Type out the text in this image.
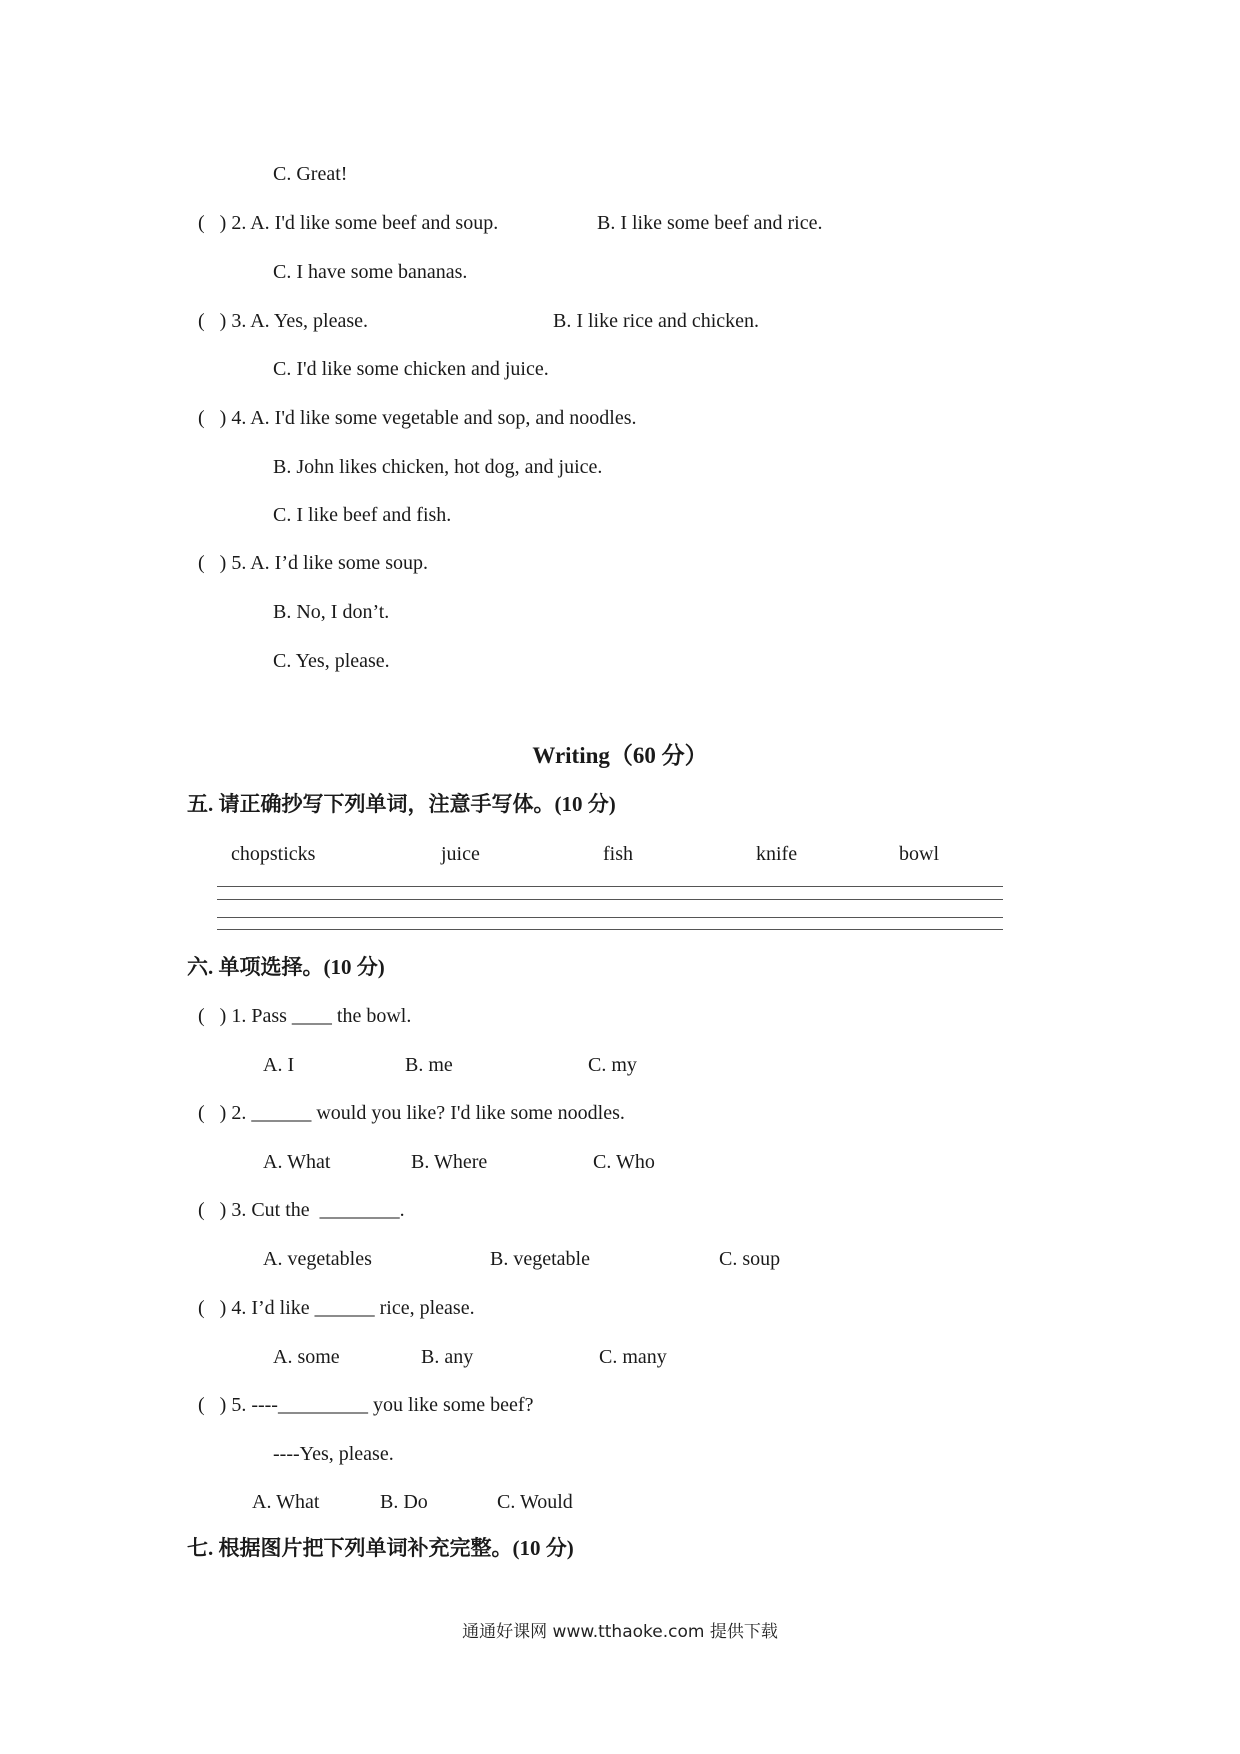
C. Great!
(   ) 2. A. I'd like some beef and soup.	B. I like some beef and rice.
C. I have some bananas.
(   ) 3. A. Yes, please.	B. I like rice and chicken.
C. I'd like some chicken and juice.
(   ) 4. A. I'd like some vegetable and sop, and noodles.
B. John likes chicken, hot dog, and juice.
C. I like beef and fish.
(   ) 5. A. I’d like some soup.
B. No, I don’t.
C. Yes, please.
Writing（60 分）
五. 请正确抄写下列单词，注意手写体。(10 分)
chopsticks	juice	fish	knife	bowl
六. 单项选择。(10 分)
(   ) 1. Pass ____ the bowl.
A. I	B. me	C. my
(   ) 2. ______ would you like? I'd like some noodles.
A. What	B. Where	C. Who
(   ) 3. Cut the  ________.
A. vegetables	B. vegetable	C. soup
(   ) 4. I’d like ______ rice, please.
A. some	B. any	C. many
(   ) 5. ----_________ you like some beef?
----Yes, please.
A. What	B. Do	C. Would
七. 根据图片把下列单词补充完整。(10 分)
通通好课网 www.tthaoke.com 提供下载
